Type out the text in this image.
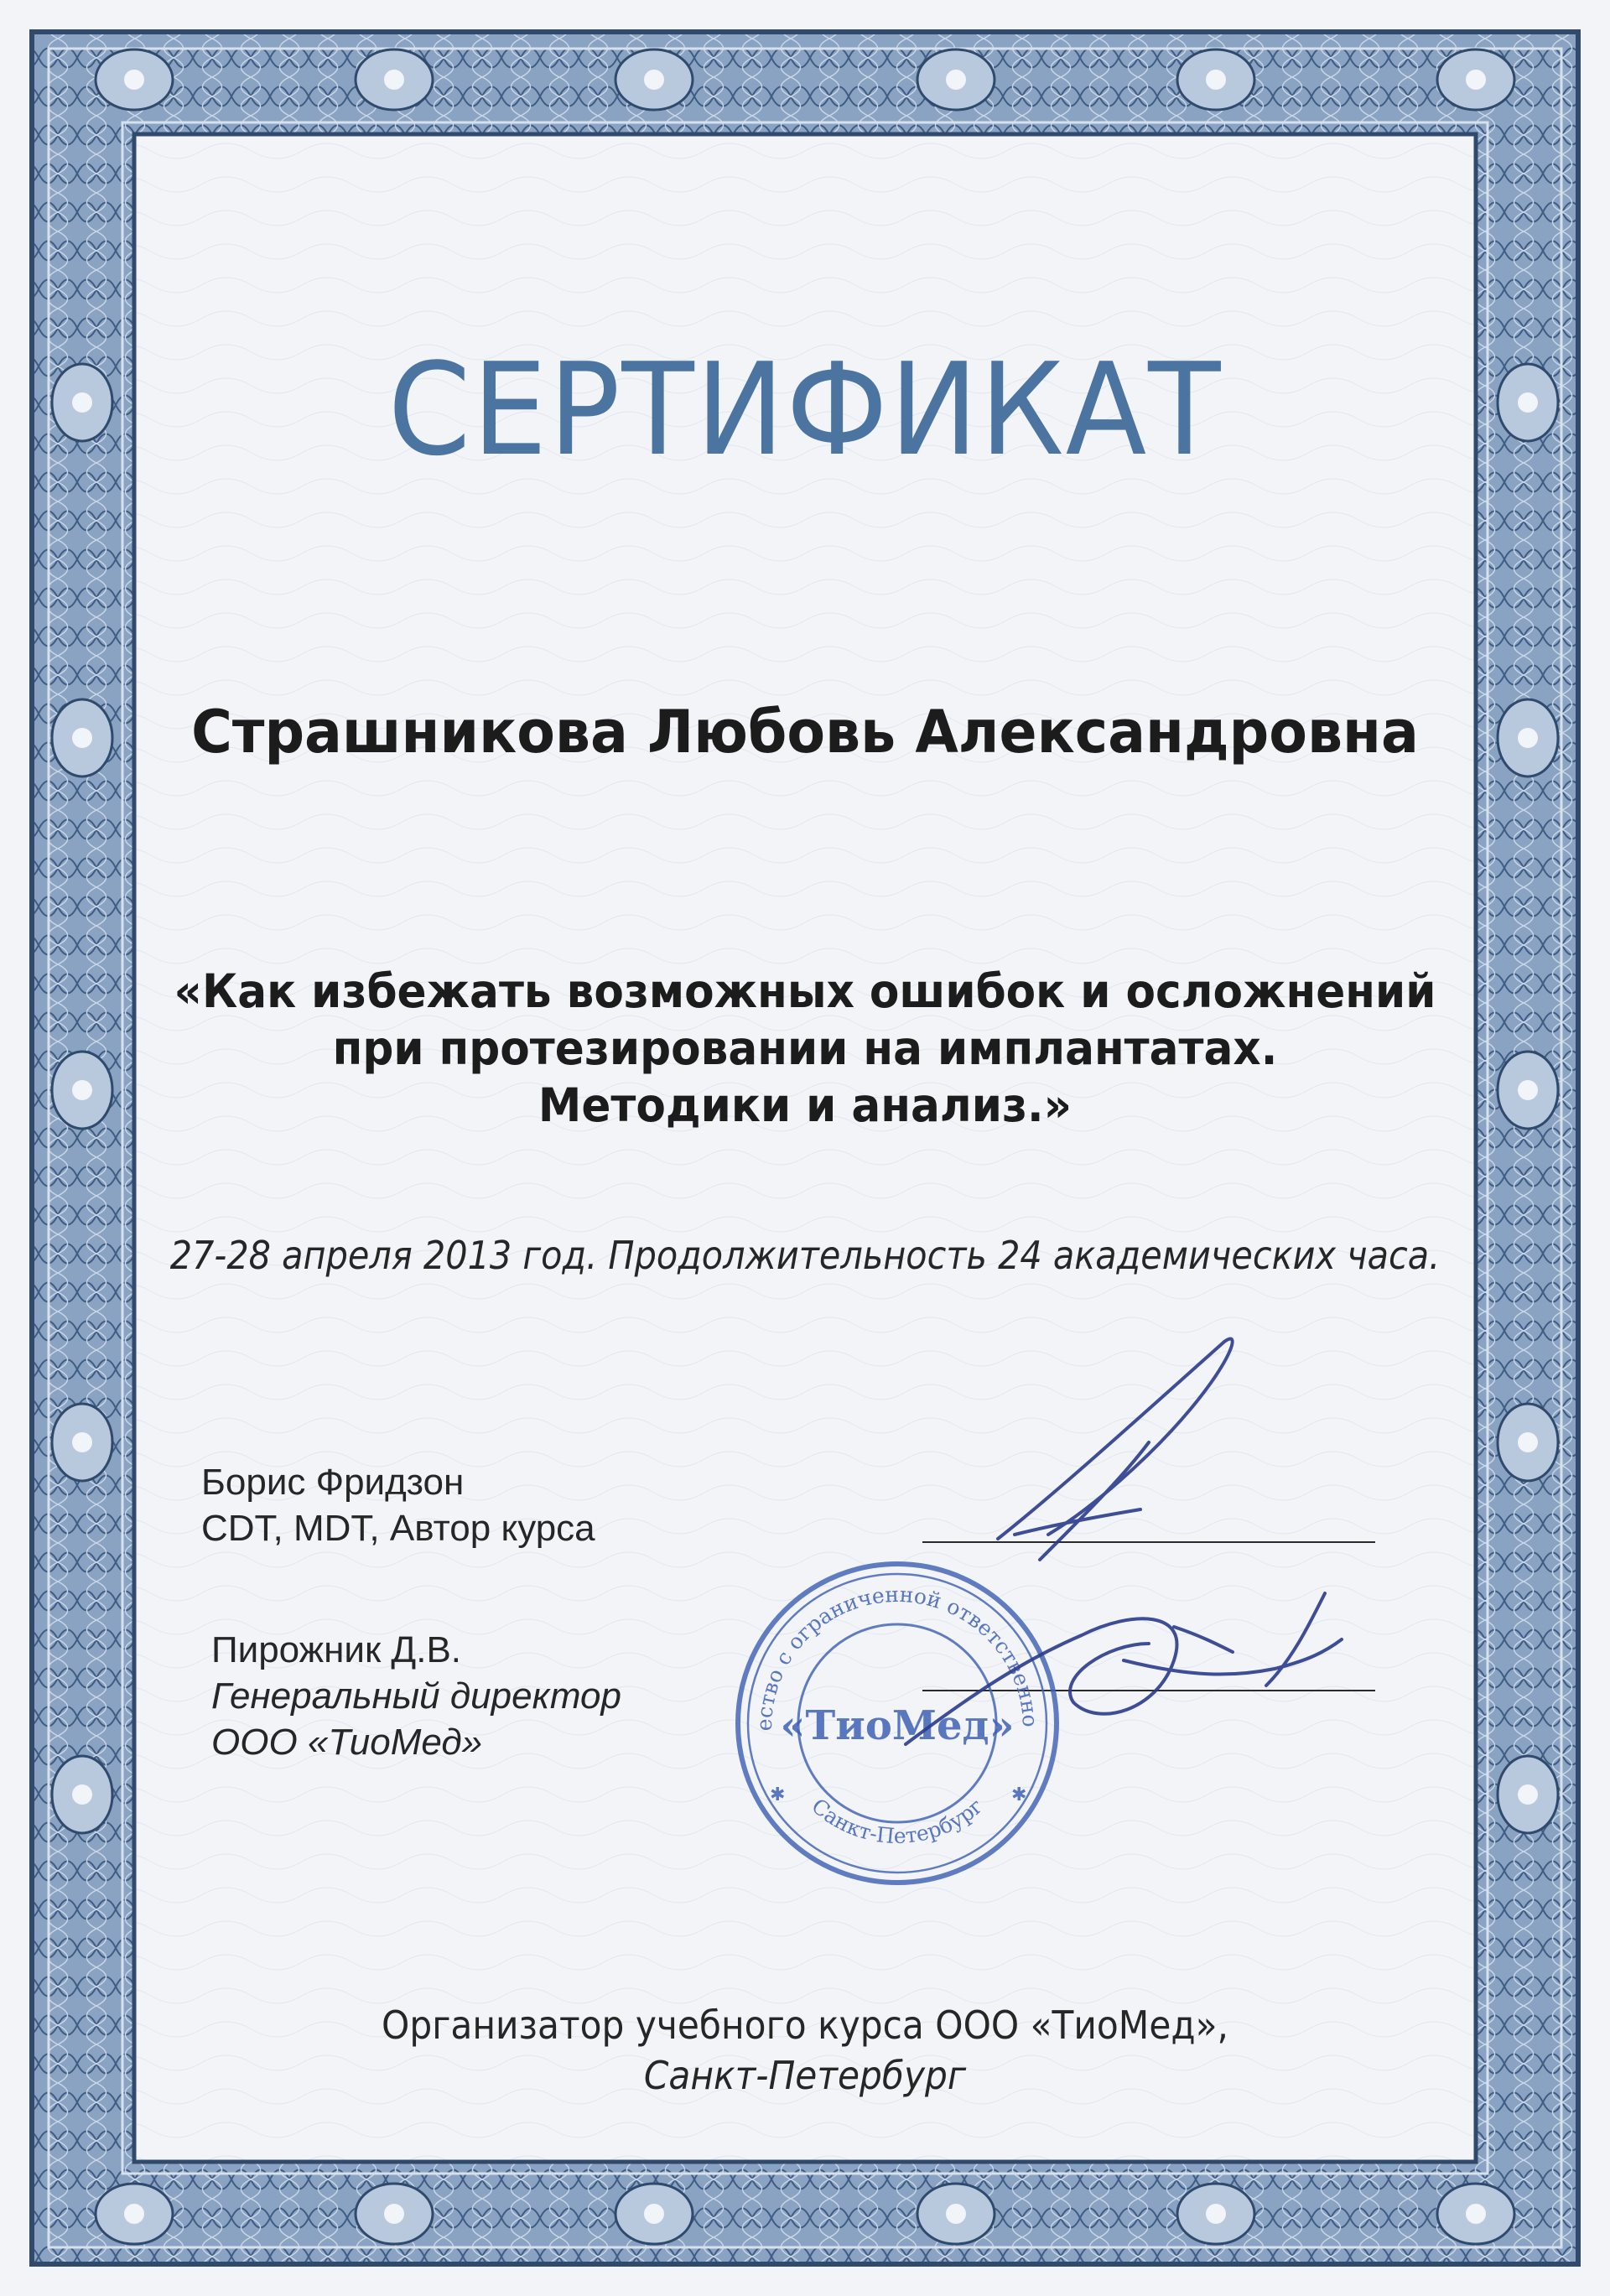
СЕРТИФИКАТ
Страшникова Любовь Александровна
«Как избежать возможных ошибок и осложнений
при протезировании на имплантатах.
Методики и анализ.»
27-28 апреля 2013 год. Продолжительность 24 академических часа.
Борис Фридзон
CDT, MDT, Автор курса
Пирожник Д.В.
Генеральный директор
ООО «ТиоМед»	ество с ограниченной ответственно
Санкт-Петербург
✱	✱
«ТиоМед»
Организатор учебного курса ООО «ТиоМед»,
Санкт-Петербург
